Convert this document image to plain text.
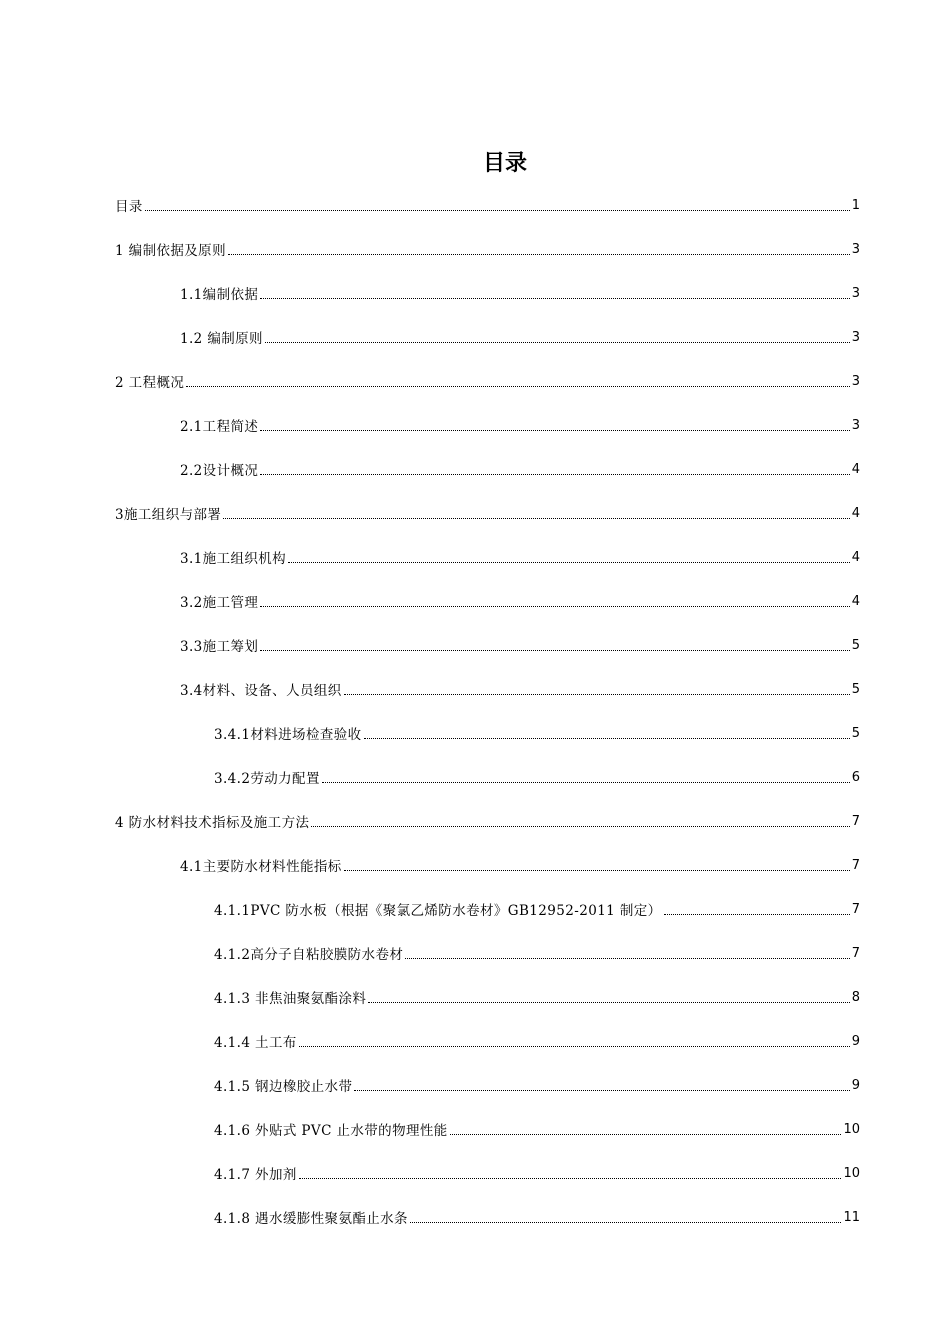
目录
目录	1
1 编制依据及原则	3
1.1编制依据	3
1.2 编制原则	3
2 工程概况	3
2.1工程简述	3
2.2设计概况	4
3施工组织与部署	4
3.1施工组织机构	4
3.2施工管理	4
3.3施工筹划	5
3.4材料、设备、人员组织	5
3.4.1材料进场检查验收	5
3.4.2劳动力配置	6
4 防水材料技术指标及施工方法	7
4.1主要防水材料性能指标	7
4.1.1PVC 防水板（根据《聚氯乙烯防水卷材》GB12952-2011 制定）	7
4.1.2高分子自粘胶膜防水卷材	7
4.1.3 非焦油聚氨酯涂料	8
4.1.4 土工布	9
4.1.5 钢边橡胶止水带	9
4.1.6 外贴式 PVC 止水带的物理性能	10
4.1.7 外加剂	10
4.1.8 遇水缓膨性聚氨酯止水条	11
